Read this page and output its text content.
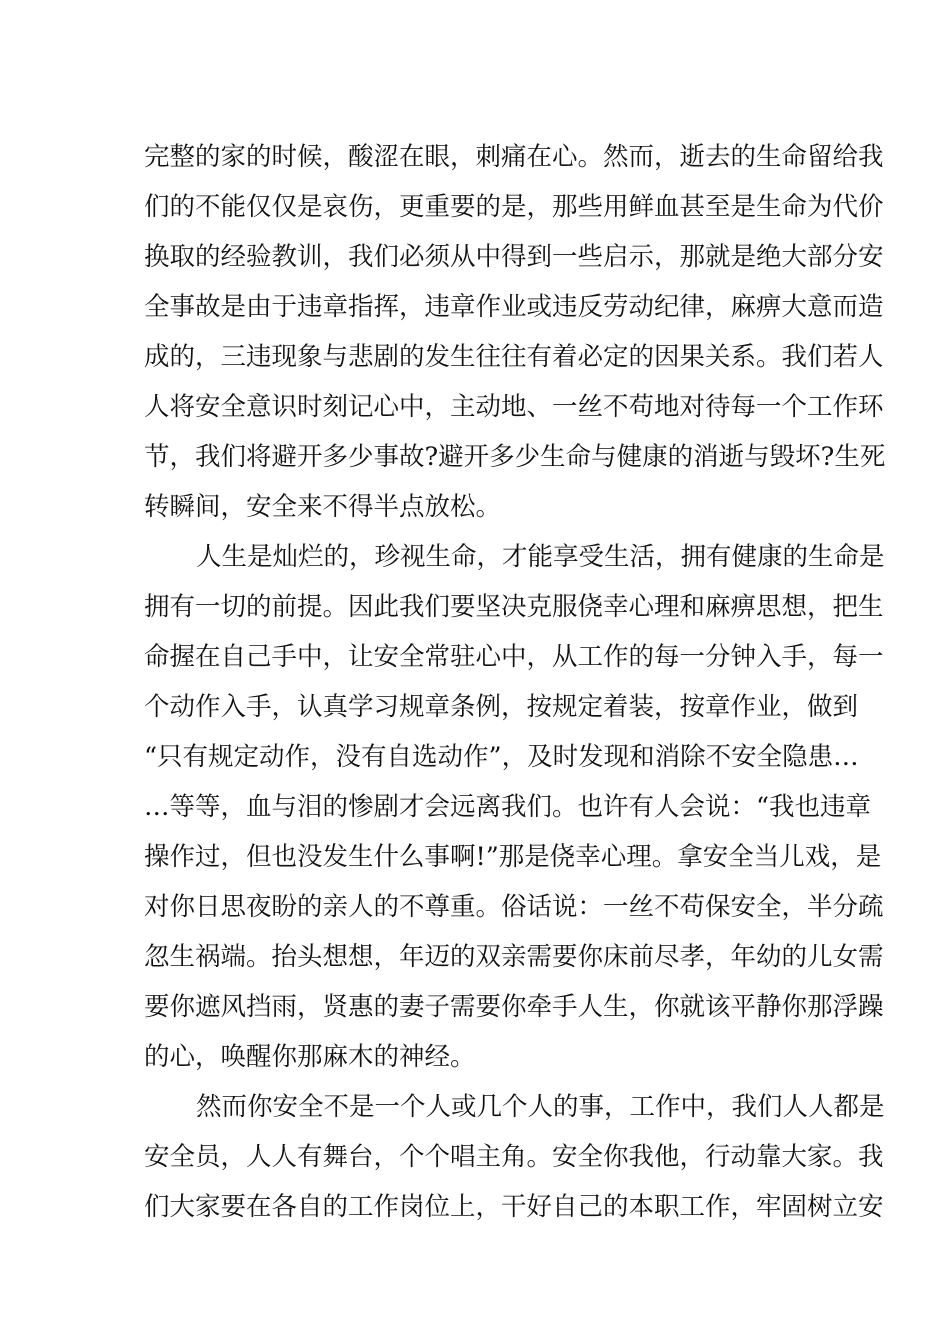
完整的家的时候，酸涩在眼，刺痛在心。然而，逝去的生命留给我
们的不能仅仅是哀伤，更重要的是，那些用鲜血甚至是生命为代价
换取的经验教训，我们必须从中得到一些启示，那就是绝大部分安
全事故是由于违章指挥，违章作业或违反劳动纪律，麻痹大意而造
成的，三违现象与悲剧的发生往往有着必定的因果关系。我们若人
人将安全意识时刻记心中，主动地、一丝不苟地对待每一个工作环
节，我们将避开多少事故?避开多少生命与健康的消逝与毁坏?生死
转瞬间，安全来不得半点放松。
人生是灿烂的，珍视生命，才能享受生活，拥有健康的生命是
拥有一切的前提。因此我们要坚决克服侥幸心理和麻痹思想，把生
命握在自己手中，让安全常驻心中，从工作的每一分钟入手，每一
个动作入手，认真学习规章条例，按规定着装，按章作业，做到
“只有规定动作，没有自选动作”，及时发现和消除不安全隐患…
…等等，血与泪的惨剧才会远离我们。也许有人会说：“我也违章
操作过，但也没发生什么事啊!”那是侥幸心理。拿安全当儿戏，是
对你日思夜盼的亲人的不尊重。俗话说：一丝不苟保安全，半分疏
忽生祸端。抬头想想，年迈的双亲需要你床前尽孝，年幼的儿女需
要你遮风挡雨，贤惠的妻子需要你牵手人生，你就该平静你那浮躁
的心，唤醒你那麻木的神经。
然而你安全不是一个人或几个人的事，工作中，我们人人都是
安全员，人人有舞台，个个唱主角。安全你我他，行动靠大家。我
们大家要在各自的工作岗位上，干好自己的本职工作，牢固树立安
